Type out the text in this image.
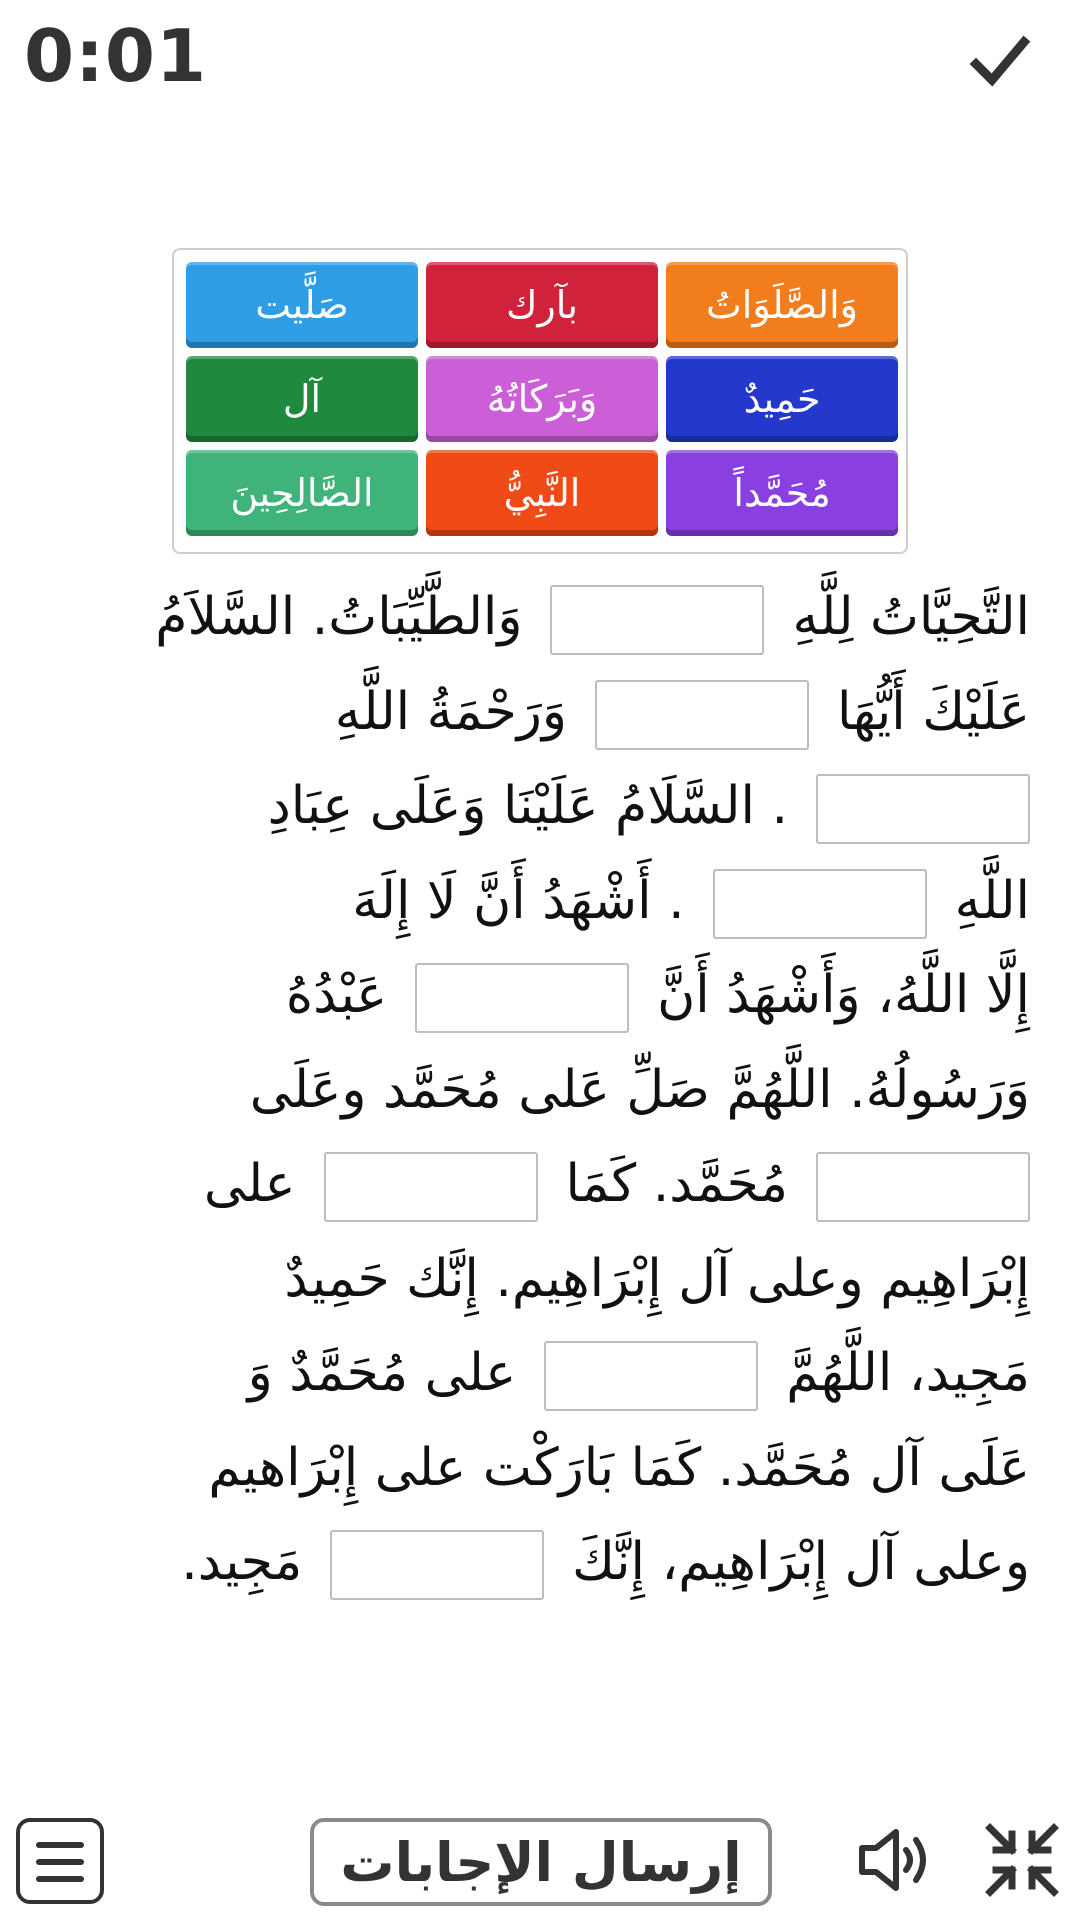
0:01
صَلَّيت	بآرك	وَالصَّلَوَاتُ
آل	وَبَرَكَاتُهُ	حَمِيدٌ
الصَّالِحِينَ	النَّبِيُّ	مُحَمَّداً
التَّحِيَّاتُ لِلَّهِوَالطَّيِّبَاتُ. السَّلاَمُ
عَلَيْكَ أَيُّهَاوَرَحْمَةُ اللَّهِ
. السَّلَامُ عَلَيْنَا وَعَلَى عِبَادِ
اللَّهِ. أَشْهَدُ أَنَّ لَا إِلَهَ
إِلَّا اللَّهُ، وَأَشْهَدُ أَنَّعَبْدُهُ
وَرَسُولُهُ. اللَّهُمَّ صَلِّ عَلى مُحَمَّد وعَلَى
مُحَمَّد. كَمَاعلى
إِبْرَاهِيم وعلى آل إِبْرَاهِيم. إِنَّك حَمِيدٌ
مَجِيد، اللَّهُمَّعلى مُحَمَّدٌ وَ
عَلَى آل مُحَمَّد. كَمَا بَارَكْت على إِبْرَاهيم
وعلى آل إِبْرَاهِيم، إِنَّكَمَجِيد.
إرسال الإجابات
